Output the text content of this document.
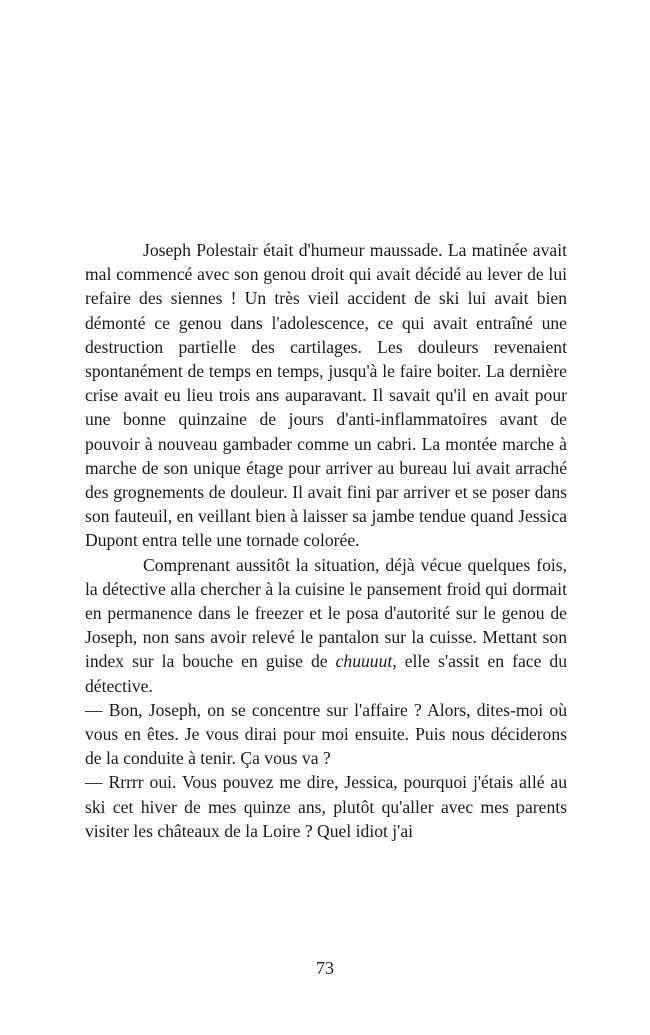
Joseph Polestair était d'humeur maussade. La matinée avait mal commencé avec son genou droit qui avait décidé au lever de lui refaire des siennes ! Un très vieil accident de ski lui avait bien démonté ce genou dans l'adolescence, ce qui avait entraîné une destruction partielle des cartilages. Les douleurs revenaient spontanément de temps en temps, jusqu'à le faire boiter. La dernière crise avait eu lieu trois ans auparavant. Il savait qu'il en avait pour une bonne quinzaine de jours d'anti-inflammatoires avant de pouvoir à nouveau gambader comme un cabri. La montée marche à marche de son unique étage pour arriver au bureau lui avait arraché des grognements de douleur. Il avait fini par arriver et se poser dans son fauteuil, en veillant bien à laisser sa jambe tendue quand Jessica Dupont entra telle une tornade colorée.

Comprenant aussitôt la situation, déjà vécue quelques fois, la détective alla chercher à la cuisine le pansement froid qui dormait en permanence dans le freezer et le posa d'autorité sur le genou de Joseph, non sans avoir relevé le pantalon sur la cuisse. Mettant son index sur la bouche en guise de chuuuut, elle s'assit en face du détective.

— Bon, Joseph, on se concentre sur l'affaire ? Alors, dites-moi où vous en êtes. Je vous dirai pour moi ensuite. Puis nous déciderons de la conduite à tenir. Ça vous va ?

— Rrrrr oui. Vous pouvez me dire, Jessica, pourquoi j'étais allé au ski cet hiver de mes quinze ans, plutôt qu'aller avec mes parents visiter les châteaux de la Loire ? Quel idiot j'ai

73
